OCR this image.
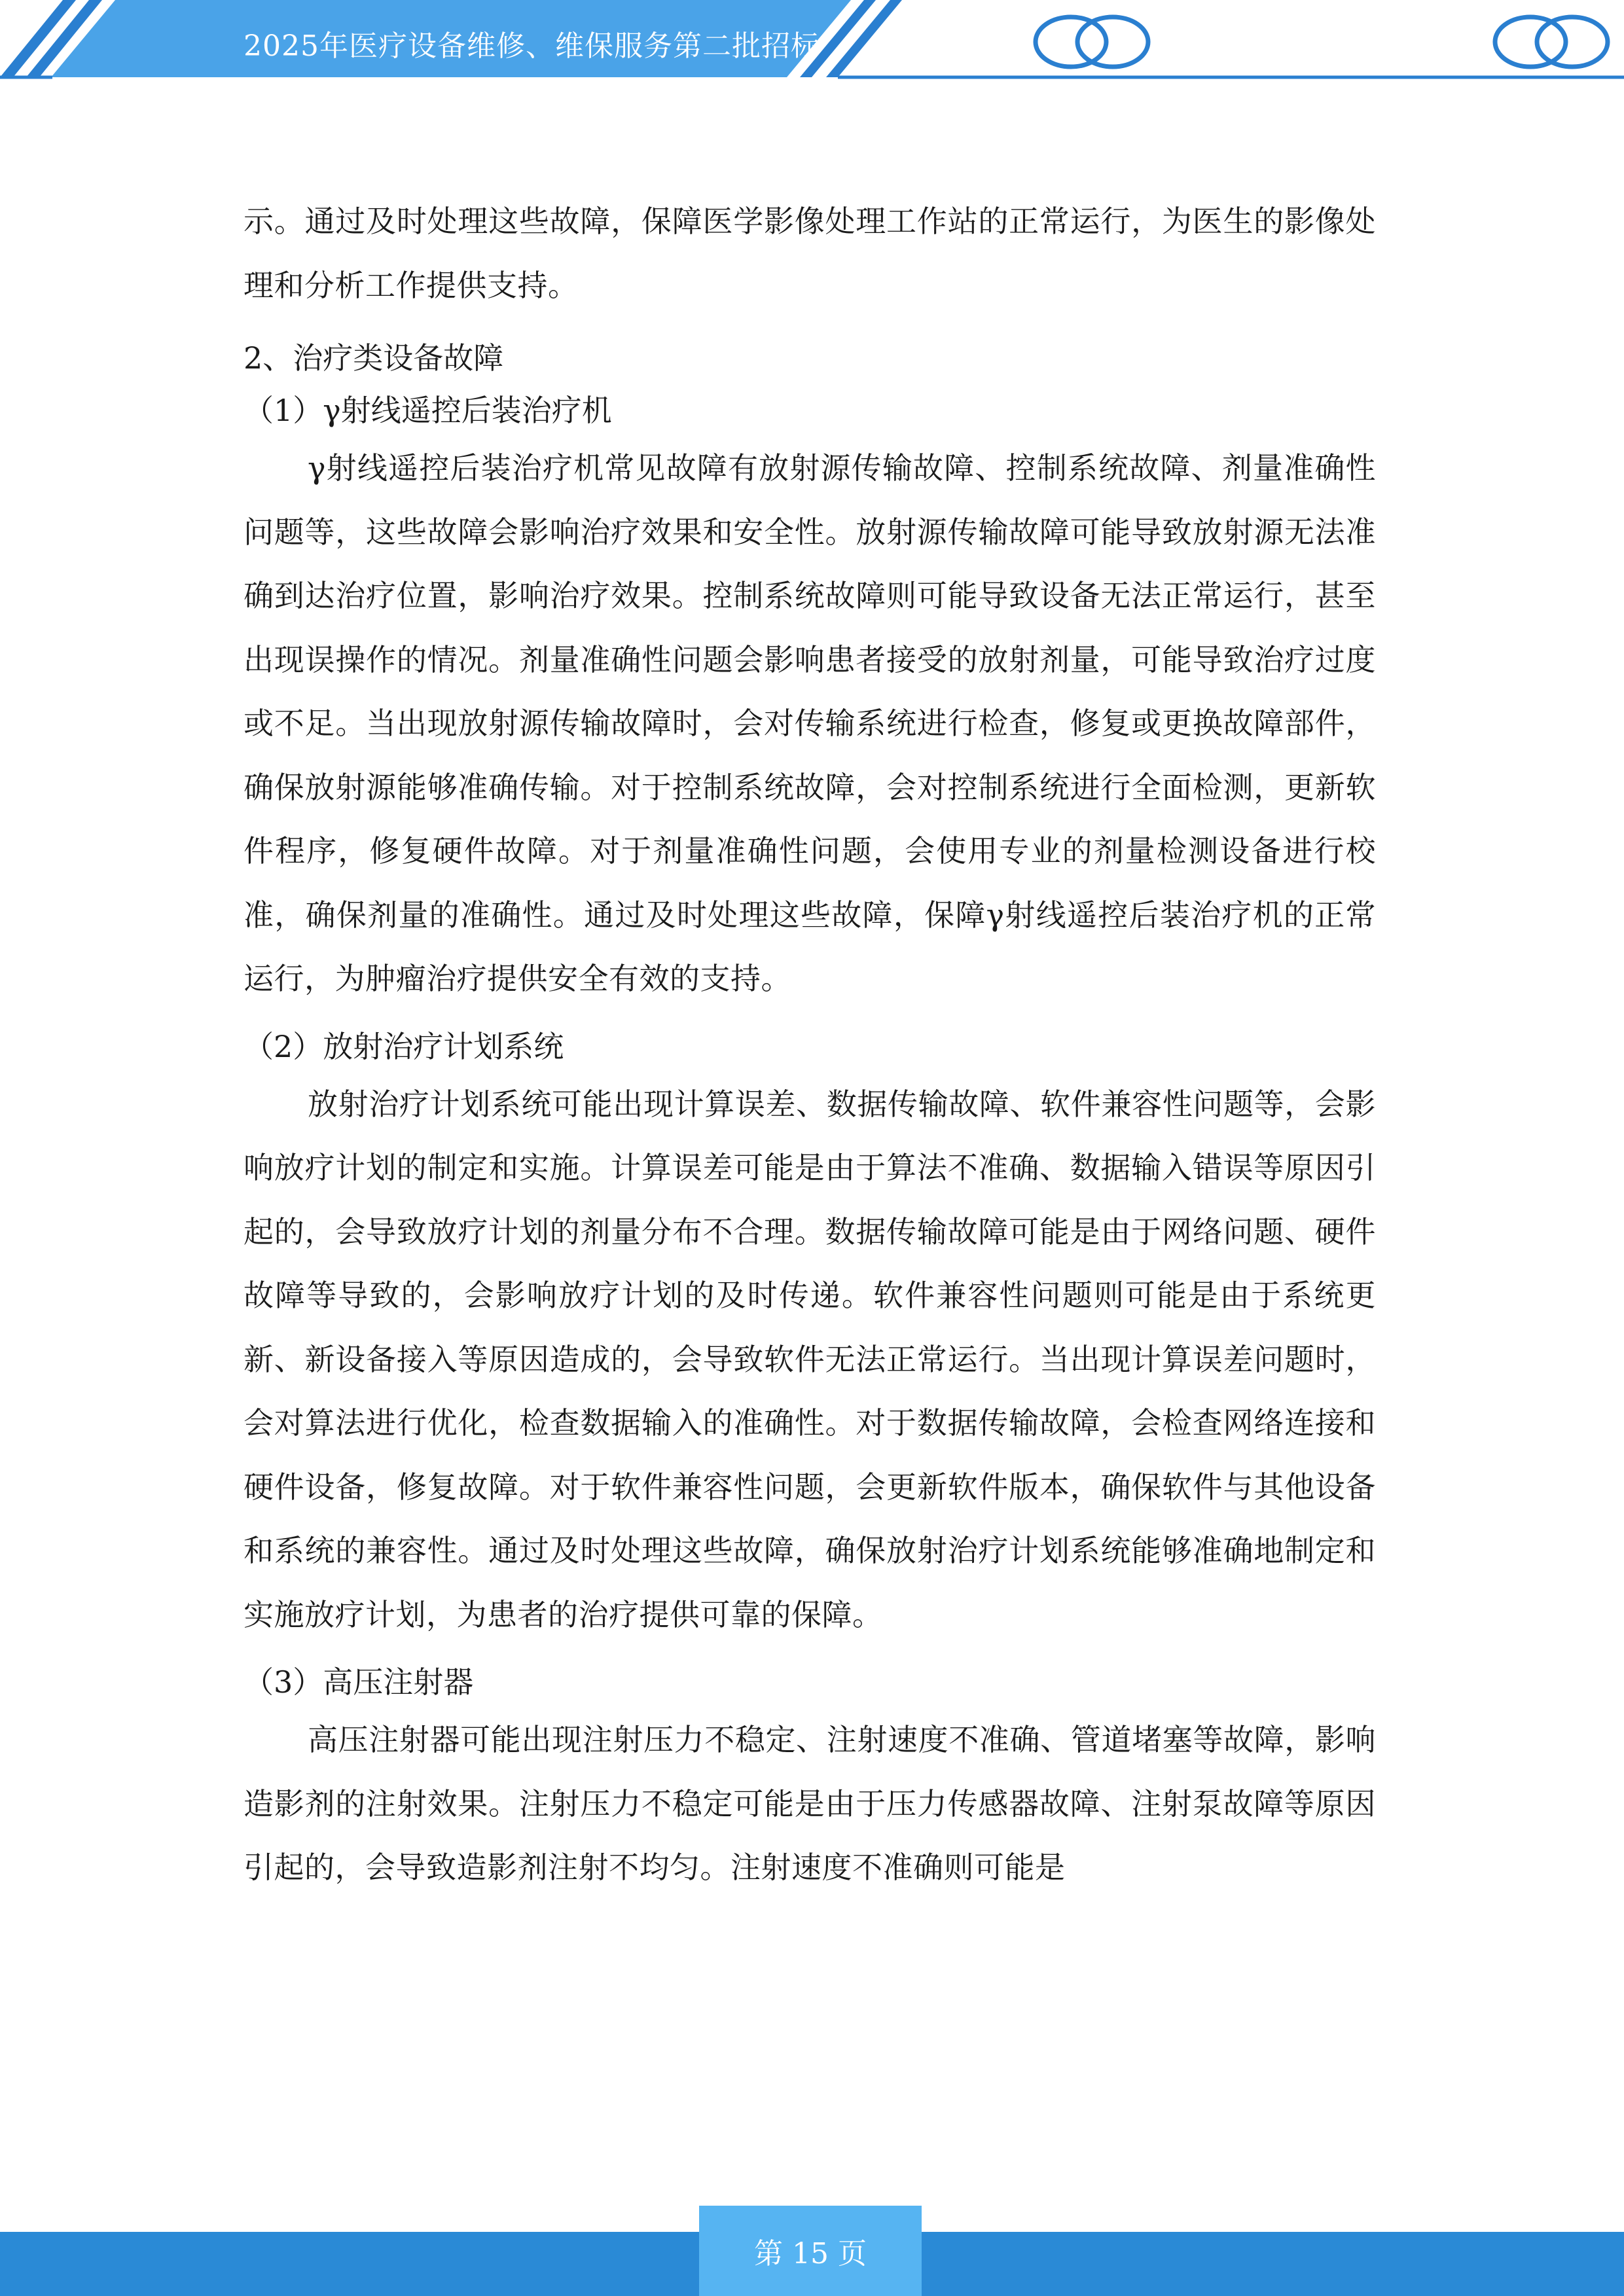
2025年医疗设备维修、维保服务第二批招标

示。通过及时处理这些故障，保障医学影像处理工作站的正常运行，为医生的影像处理和分析工作提供支持。

2、治疗类设备故障

（1）γ射线遥控后装治疗机

γ射线遥控后装治疗机常见故障有放射源传输故障、控制系统故障、剂量准确性问题等，这些故障会影响治疗效果和安全性。放射源传输故障可能导致放射源无法准确到达治疗位置，影响治疗效果。控制系统故障则可能导致设备无法正常运行，甚至出现误操作的情况。剂量准确性问题会影响患者接受的放射剂量，可能导致治疗过度或不足。当出现放射源传输故障时，会对传输系统进行检查，修复或更换故障部件，确保放射源能够准确传输。对于控制系统故障，会对控制系统进行全面检测，更新软件程序，修复硬件故障。对于剂量准确性问题，会使用专业的剂量检测设备进行校准，确保剂量的准确性。通过及时处理这些故障，保障γ射线遥控后装治疗机的正常运行，为肿瘤治疗提供安全有效的支持。

（2）放射治疗计划系统

放射治疗计划系统可能出现计算误差、数据传输故障、软件兼容性问题等，会影响放疗计划的制定和实施。计算误差可能是由于算法不准确、数据输入错误等原因引起的，会导致放疗计划的剂量分布不合理。数据传输故障可能是由于网络问题、硬件故障等导致的，会影响放疗计划的及时传递。软件兼容性问题则可能是由于系统更新、新设备接入等原因造成的，会导致软件无法正常运行。当出现计算误差问题时，会对算法进行优化，检查数据输入的准确性。对于数据传输故障，会检查网络连接和硬件设备，修复故障。对于软件兼容性问题，会更新软件版本，确保软件与其他设备和系统的兼容性。通过及时处理这些故障，确保放射治疗计划系统能够准确地制定和实施放疗计划，为患者的治疗提供可靠的保障。

（3）高压注射器

高压注射器可能出现注射压力不稳定、注射速度不准确、管道堵塞等故障，影响造影剂的注射效果。注射压力不稳定可能是由于压力传感器故障、注射泵故障等原因引起的，会导致造影剂注射不均匀。注射速度不准确则可能是

第 15 页
